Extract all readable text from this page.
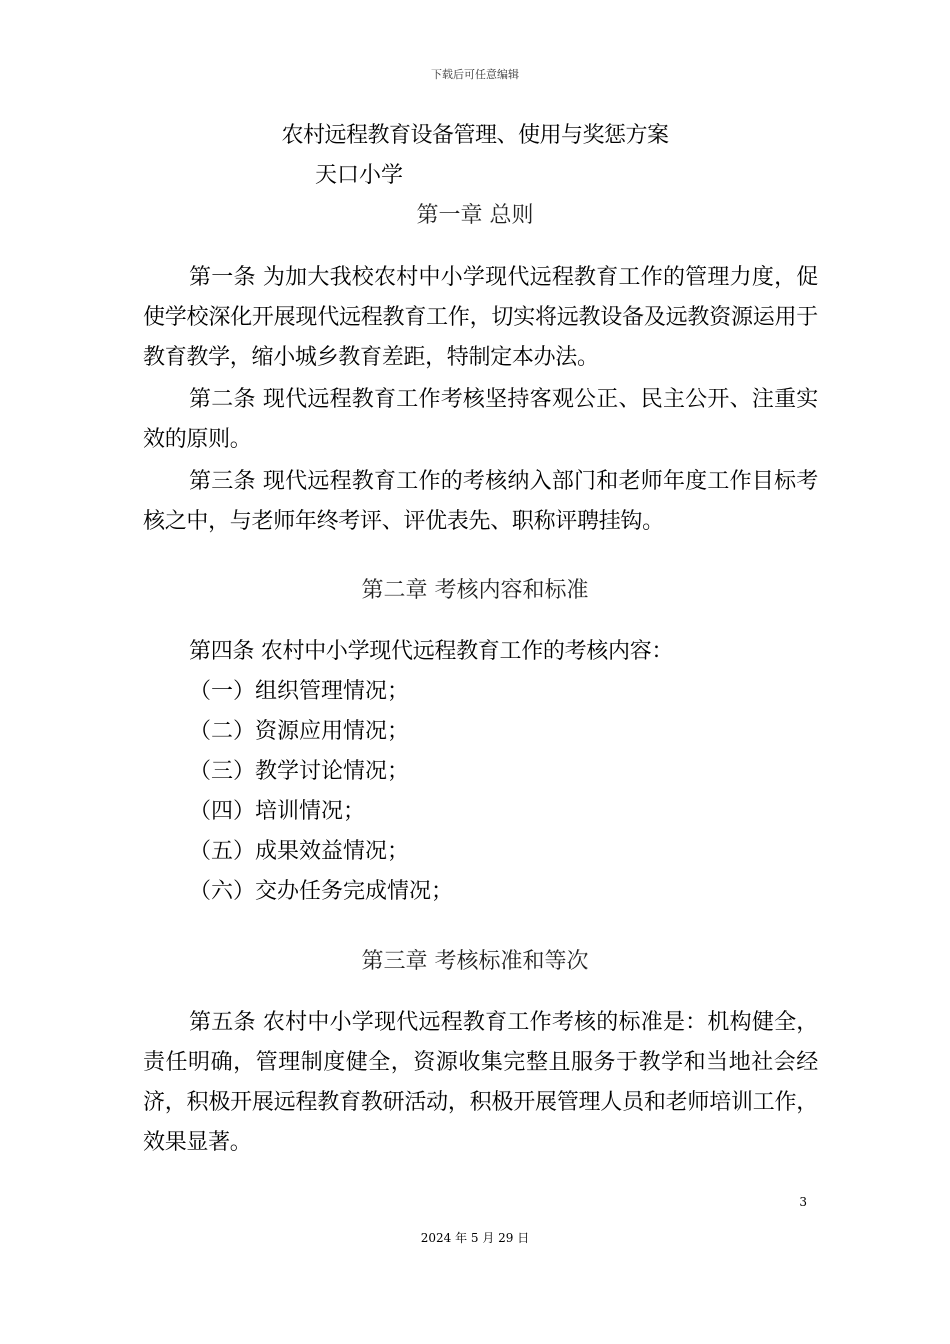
下载后可任意编辑
农村远程教育设备管理、使用与奖惩方案
天口小学
第一章 总则
第一条 为加大我校农村中小学现代远程教育工作的管理力度，促使学校深化开展现代远程教育工作，切实将远教设备及远教资源运用于教育教学，缩小城乡教育差距，特制定本办法。
第二条 现代远程教育工作考核坚持客观公正、民主公开、注重实效的原则。
第三条 现代远程教育工作的考核纳入部门和老师年度工作目标考核之中，与老师年终考评、评优表先、职称评聘挂钩。
第二章 考核内容和标准
第四条 农村中小学现代远程教育工作的考核内容：
（一）组织管理情况；
（二）资源应用情况；
（三）教学讨论情况；
（四）培训情况；
（五）成果效益情况；
（六）交办任务完成情况；
第三章 考核标准和等次
第五条 农村中小学现代远程教育工作考核的标准是：机构健全，责任明确，管理制度健全，资源收集完整且服务于教学和当地社会经济，积极开展远程教育教研活动，积极开展管理人员和老师培训工作，效果显著。
3
2024 年 5 月 29 日
